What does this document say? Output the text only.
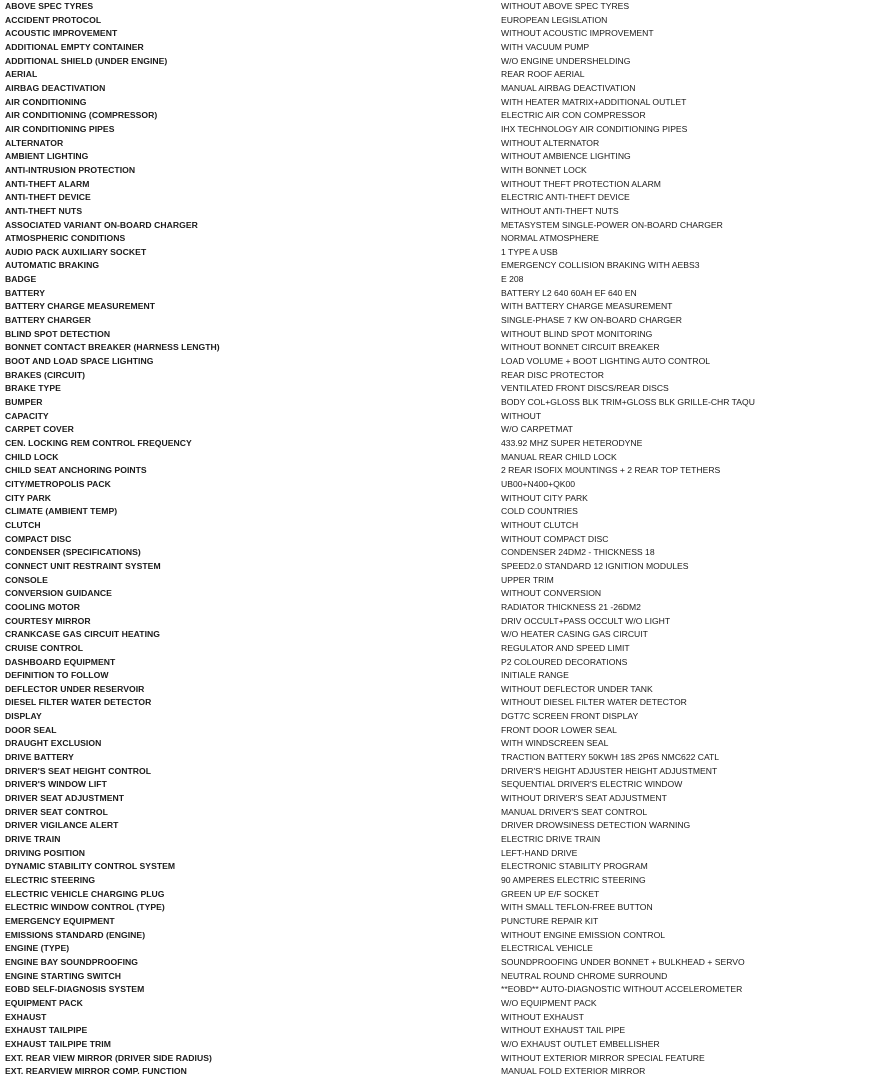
ABOVE SPEC TYRES	WITHOUT ABOVE SPEC TYRES
ACCIDENT PROTOCOL	EUROPEAN LEGISLATION
ACOUSTIC IMPROVEMENT	WITHOUT ACOUSTIC IMPROVEMENT
ADDITIONAL EMPTY CONTAINER	WITH VACUUM PUMP
ADDITIONAL SHIELD (UNDER ENGINE)	W/O ENGINE UNDERSHELDING
AERIAL	REAR ROOF AERIAL
AIRBAG DEACTIVATION	MANUAL AIRBAG DEACTIVATION
AIR CONDITIONING	WITH HEATER MATRIX+ADDITIONAL OUTLET
AIR CONDITIONING (COMPRESSOR)	ELECTRIC AIR CON COMPRESSOR
AIR CONDITIONING PIPES	IHX TECHNOLOGY AIR CONDITIONING PIPES
ALTERNATOR	WITHOUT ALTERNATOR
AMBIENT LIGHTING	WITHOUT AMBIENCE LIGHTING
ANTI-INTRUSION PROTECTION	WITH BONNET LOCK
ANTI-THEFT ALARM	WITHOUT THEFT PROTECTION ALARM
ANTI-THEFT DEVICE	ELECTRIC ANTI-THEFT DEVICE
ANTI-THEFT NUTS	WITHOUT ANTI-THEFT NUTS
ASSOCIATED VARIANT ON-BOARD CHARGER	METASYSTEM SINGLE-POWER ON-BOARD CHARGER
ATMOSPHERIC CONDITIONS	NORMAL ATMOSPHERE
AUDIO PACK AUXILIARY SOCKET	1 TYPE A USB
AUTOMATIC BRAKING	EMERGENCY COLLISION BRAKING WITH AEBS3
BADGE	E 208
BATTERY	BATTERY L2 640 60AH EF 640 EN
BATTERY CHARGE MEASUREMENT	WITH BATTERY CHARGE MEASUREMENT
BATTERY CHARGER	SINGLE-PHASE 7 KW ON-BOARD CHARGER
BLIND SPOT DETECTION	WITHOUT BLIND SPOT MONITORING
BONNET CONTACT BREAKER (HARNESS LENGTH)	WITHOUT BONNET CIRCUIT BREAKER
BOOT AND LOAD SPACE LIGHTING	LOAD VOLUME + BOOT LIGHTING AUTO CONTROL
BRAKES (CIRCUIT)	REAR DISC PROTECTOR
BRAKE TYPE	VENTILATED FRONT DISCS/REAR DISCS
BUMPER	BODY COL+GLOSS BLK TRIM+GLOSS BLK GRILLE-CHR TAQU
CAPACITY	WITHOUT
CARPET COVER	W/O CARPETMAT
CEN. LOCKING REM CONTROL FREQUENCY	433.92 MHZ SUPER HETERODYNE
CHILD LOCK	MANUAL REAR CHILD LOCK
CHILD SEAT ANCHORING POINTS	2 REAR ISOFIX MOUNTINGS + 2 REAR TOP TETHERS
CITY/METROPOLIS PACK	UB00+N400+QK00
CITY PARK	WITHOUT CITY PARK
CLIMATE (AMBIENT TEMP)	COLD COUNTRIES
CLUTCH	WITHOUT CLUTCH
COMPACT DISC	WITHOUT COMPACT DISC
CONDENSER (SPECIFICATIONS)	CONDENSER 24DM2 - THICKNESS 18
CONNECT UNIT RESTRAINT SYSTEM	SPEED2.0 STANDARD 12 IGNITION MODULES
CONSOLE	UPPER TRIM
CONVERSION GUIDANCE	WITHOUT CONVERSION
COOLING MOTOR	RADIATOR THICKNESS 21 -26DM2
COURTESY MIRROR	DRIV OCCULT+PASS OCCULT W/O LIGHT
CRANKCASE GAS CIRCUIT HEATING	W/O HEATER CASING GAS CIRCUIT
CRUISE CONTROL	REGULATOR AND SPEED LIMIT
DASHBOARD EQUIPMENT	P2 COLOURED DECORATIONS
DEFINITION TO FOLLOW	INITIALE RANGE
DEFLECTOR UNDER RESERVOIR	WITHOUT DEFLECTOR UNDER TANK
DIESEL FILTER WATER DETECTOR	WITHOUT DIESEL FILTER WATER DETECTOR
DISPLAY	DGT7C SCREEN FRONT DISPLAY
DOOR SEAL	FRONT DOOR LOWER SEAL
DRAUGHT EXCLUSION	WITH WINDSCREEN SEAL
DRIVE BATTERY	TRACTION BATTERY 50KWH 18S 2P6S NMC622 CATL
DRIVER'S SEAT HEIGHT CONTROL	DRIVER'S HEIGHT ADJUSTER HEIGHT ADJUSTMENT
DRIVER'S WINDOW LIFT	SEQUENTIAL DRIVER'S ELECTRIC WINDOW
DRIVER SEAT ADJUSTMENT	WITHOUT DRIVER'S SEAT ADJUSTMENT
DRIVER SEAT CONTROL	MANUAL DRIVER'S SEAT CONTROL
DRIVER VIGILANCE ALERT	DRIVER DROWSINESS DETECTION WARNING
DRIVE TRAIN	ELECTRIC DRIVE TRAIN
DRIVING POSITION	LEFT-HAND DRIVE
DYNAMIC STABILITY CONTROL SYSTEM	ELECTRONIC STABILITY PROGRAM
ELECTRIC STEERING	90 AMPERES ELECTRIC STEERING
ELECTRIC VEHICLE CHARGING PLUG	GREEN UP E/F SOCKET
ELECTRIC WINDOW CONTROL (TYPE)	WITH SMALL TEFLON-FREE BUTTON
EMERGENCY EQUIPMENT	PUNCTURE REPAIR KIT
EMISSIONS STANDARD (ENGINE)	WITHOUT ENGINE EMISSION CONTROL
ENGINE (TYPE)	ELECTRICAL VEHICLE
ENGINE BAY SOUNDPROOFING	SOUNDPROOFING UNDER BONNET + BULKHEAD + SERVO
ENGINE STARTING SWITCH	NEUTRAL ROUND CHROME SURROUND
EOBD SELF-DIAGNOSIS SYSTEM	**EOBD** AUTO-DIAGNOSTIC WITHOUT ACCELEROMETER
EQUIPMENT PACK	W/O EQUIPMENT PACK
EXHAUST	WITHOUT EXHAUST
EXHAUST TAILPIPE	WITHOUT EXHAUST TAIL PIPE
EXHAUST TAILPIPE TRIM	W/O EXHAUST OUTLET EMBELLISHER
EXT. REAR VIEW MIRROR (DRIVER SIDE RADIUS)	WITHOUT EXTERIOR MIRROR SPECIAL FEATURE
EXT. REARVIEW MIRROR COMP. FUNCTION	MANUAL FOLD EXTERIOR MIRROR
